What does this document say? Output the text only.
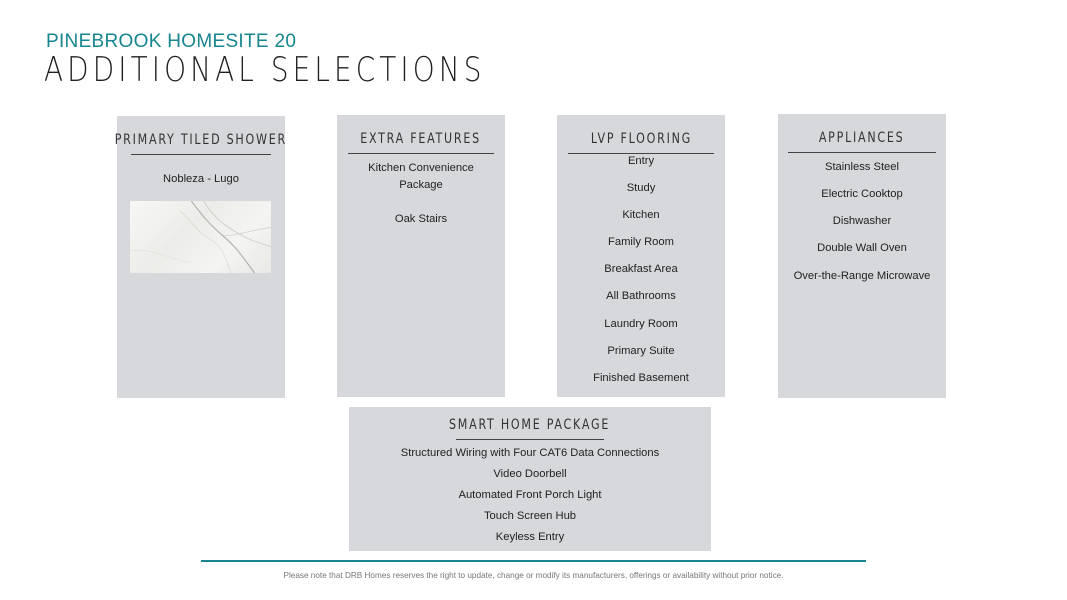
PINEBROOK HOMESITE 20
ADDITIONAL SELECTIONS
PRIMARY TILED SHOWER
Nobleza - Lugo
EXTRA FEATURES
Kitchen Convenience
Package
Oak Stairs
LVP FLOORING
Entry
Study
Kitchen
Family Room
Breakfast Area
All Bathrooms
Laundry Room
Primary Suite
Finished Basement
APPLIANCES
Stainless Steel
Electric Cooktop
Dishwasher
Double Wall Oven
Over-the-Range Microwave
SMART HOME PACKAGE
Structured Wiring with Four CAT6 Data Connections
Video Doorbell
Automated Front Porch Light
Touch Screen Hub
Keyless Entry
Please note that DRB Homes reserves the right to update, change or modify its manufacturers, offerings or availability without prior notice.
